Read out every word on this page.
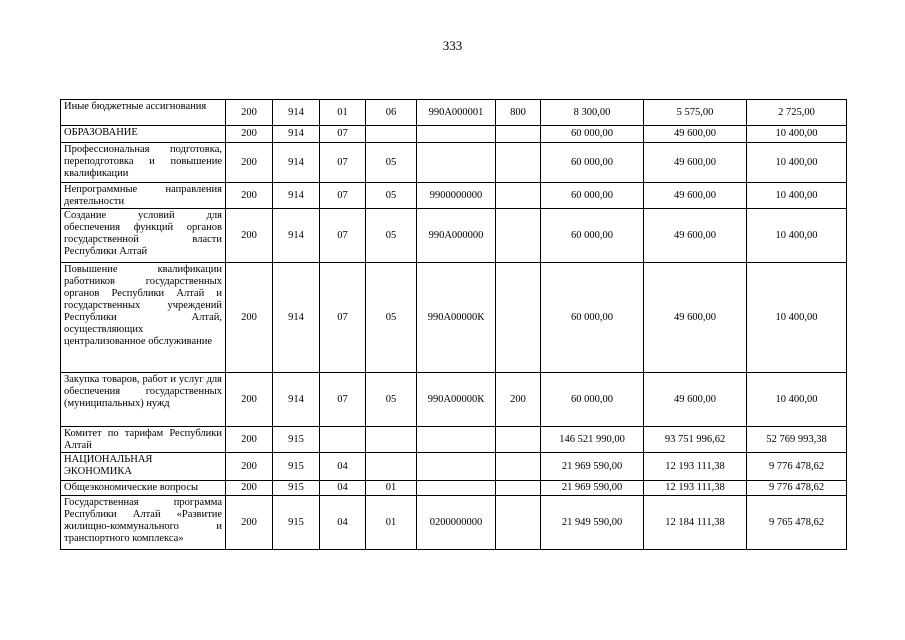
333
Иные бюджетные ассигнования	200	914	01	06	990А000001	800	8 300,00	5 575,00	2 725,00
ОБРАЗОВАНИЕ	200	914	07				60 000,00	49 600,00	10 400,00
Профессиональная подготовка, переподготовка и повышение квалификации	200	914	07	05			60 000,00	49 600,00	10 400,00
Непрограммные направления деятельности	200	914	07	05	9900000000		60 000,00	49 600,00	10 400,00
Создание условий для обеспечения функций органов государственной власти Республики Алтай	200	914	07	05	990А000000		60 000,00	49 600,00	10 400,00
Повышение квалификации работников государственных органов Республики Алтай и государственных учреждений Республики Алтай, осуществляющих централизованное обслуживание	200	914	07	05	990А00000К		60 000,00	49 600,00	10 400,00
Закупка товаров, работ и услуг для обеспечения государственных (муниципальных) нужд	200	914	07	05	990А00000К	200	60 000,00	49 600,00	10 400,00
Комитет по тарифам Республики Алтай	200	915					146 521 990,00	93 751 996,62	52 769 993,38
НАЦИОНАЛЬНАЯ ЭКОНОМИКА	200	915	04				21 969 590,00	12 193 111,38	9 776 478,62
Общеэкономические вопросы	200	915	04	01			21 969 590,00	12 193 111,38	9 776 478,62
Государственная программа Республики Алтай «Развитие жилищно-коммунального и транспортного комплекса»	200	915	04	01	0200000000		21 949 590,00	12 184 111,38	9 765 478,62
